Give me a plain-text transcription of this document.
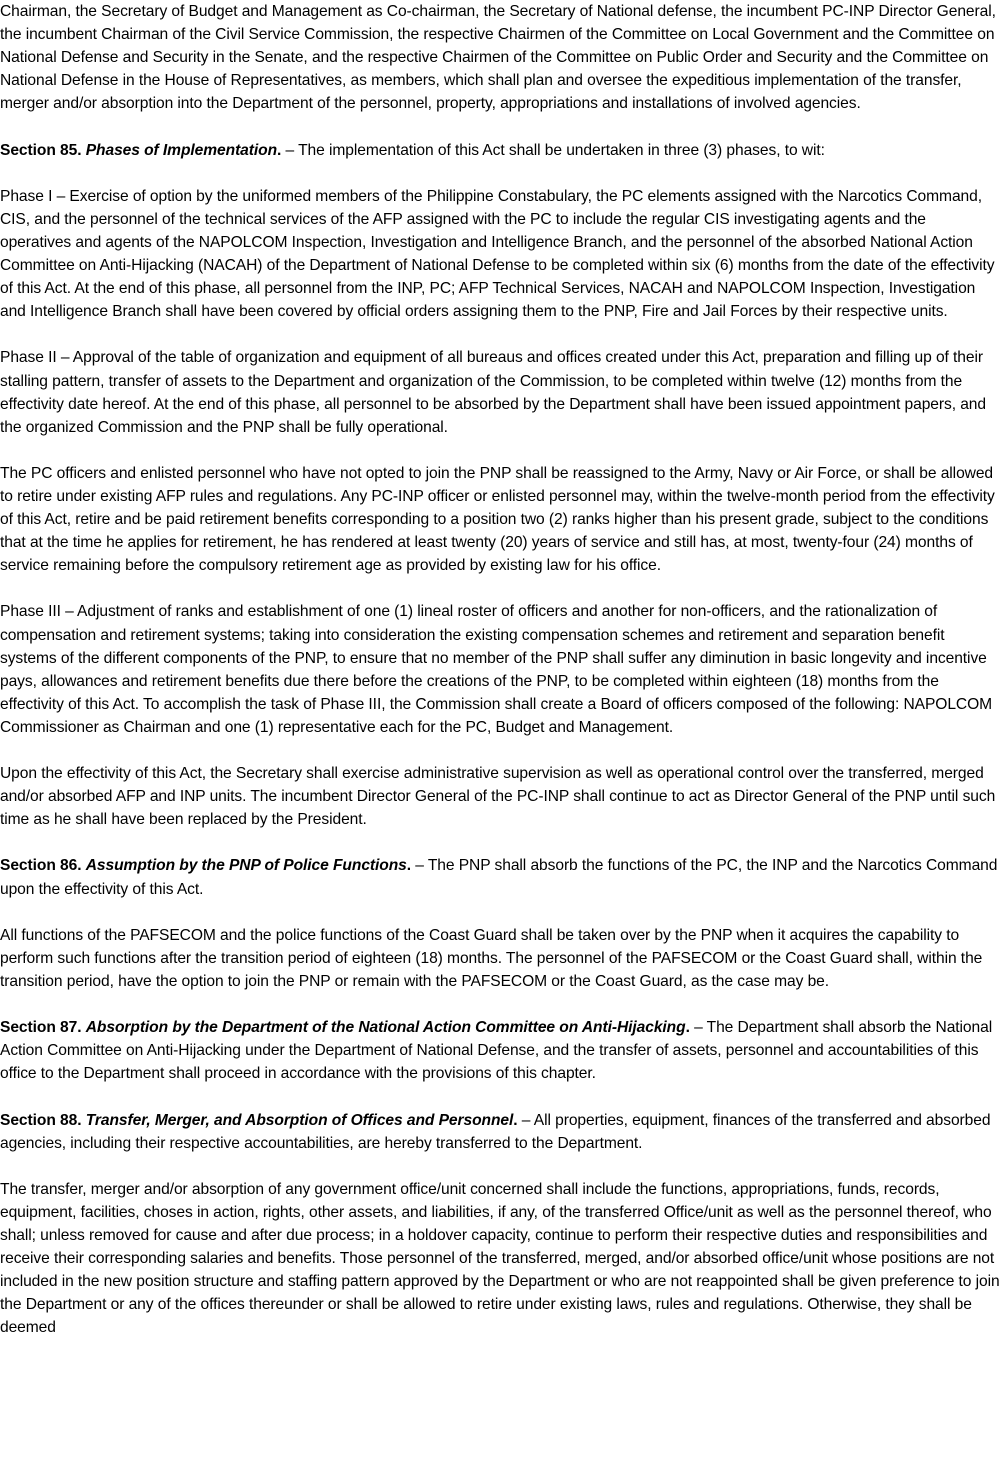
Chairman, the Secretary of Budget and Management as Co-chairman, the Secretary of National defense, the incumbent PC-INP Director General, the incumbent Chairman of the Civil Service Commission, the respective Chairmen of the Committee on Local Government and the Committee on National Defense and Security in the Senate, and the respective Chairmen of the Committee on Public Order and Security and the Committee on National Defense in the House of Representatives, as members, which shall plan and oversee the expeditious implementation of the transfer, merger and/or absorption into the Department of the personnel, property, appropriations and installations of involved agencies.

Section 85. Phases of Implementation. – The implementation of this Act shall be undertaken in three (3) phases, to wit:

Phase I – Exercise of option by the uniformed members of the Philippine Constabulary, the PC elements assigned with the Narcotics Command, CIS, and the personnel of the technical services of the AFP assigned with the PC to include the regular CIS investigating agents and the operatives and agents of the NAPOLCOM Inspection, Investigation and Intelligence Branch, and the personnel of the absorbed National Action Committee on Anti-Hijacking (NACAH) of the Department of National Defense to be completed within six (6) months from the date of the effectivity of this Act. At the end of this phase, all personnel from the INP, PC; AFP Technical Services, NACAH and NAPOLCOM Inspection, Investigation and Intelligence Branch shall have been covered by official orders assigning them to the PNP, Fire and Jail Forces by their respective units.

Phase II – Approval of the table of organization and equipment of all bureaus and offices created under this Act, preparation and filling up of their stalling pattern, transfer of assets to the Department and organization of the Commission, to be completed within twelve (12) months from the effectivity date hereof. At the end of this phase, all personnel to be absorbed by the Department shall have been issued appointment papers, and the organized Commission and the PNP shall be fully operational.

The PC officers and enlisted personnel who have not opted to join the PNP shall be reassigned to the Army, Navy or Air Force, or shall be allowed to retire under existing AFP rules and regulations. Any PC-INP officer or enlisted personnel may, within the twelve-month period from the effectivity of this Act, retire and be paid retirement benefits corresponding to a position two (2) ranks higher than his present grade, subject to the conditions that at the time he applies for retirement, he has rendered at least twenty (20) years of service and still has, at most, twenty-four (24) months of service remaining before the compulsory retirement age as provided by existing law for his office.

Phase III – Adjustment of ranks and establishment of one (1) lineal roster of officers and another for non-officers, and the rationalization of compensation and retirement systems; taking into consideration the existing compensation schemes and retirement and separation benefit systems of the different components of the PNP, to ensure that no member of the PNP shall suffer any diminution in basic longevity and incentive pays, allowances and retirement benefits due there before the creations of the PNP, to be completed within eighteen (18) months from the effectivity of this Act. To accomplish the task of Phase III, the Commission shall create a Board of officers composed of the following: NAPOLCOM Commissioner as Chairman and one (1) representative each for the PC, Budget and Management.

Upon the effectivity of this Act, the Secretary shall exercise administrative supervision as well as operational control over the transferred, merged and/or absorbed AFP and INP units. The incumbent Director General of the PC-INP shall continue to act as Director General of the PNP until such time as he shall have been replaced by the President.

Section 86. Assumption by the PNP of Police Functions. – The PNP shall absorb the functions of the PC, the INP and the Narcotics Command upon the effectivity of this Act.

All functions of the PAFSECOM and the police functions of the Coast Guard shall be taken over by the PNP when it acquires the capability to perform such functions after the transition period of eighteen (18) months. The personnel of the PAFSECOM or the Coast Guard shall, within the transition period, have the option to join the PNP or remain with the PAFSECOM or the Coast Guard, as the case may be.

Section 87. Absorption by the Department of the National Action Committee on Anti-Hijacking. – The Department shall absorb the National Action Committee on Anti-Hijacking under the Department of National Defense, and the transfer of assets, personnel and accountabilities of this office to the Department shall proceed in accordance with the provisions of this chapter.

Section 88. Transfer, Merger, and Absorption of Offices and Personnel. – All properties, equipment, finances of the transferred and absorbed agencies, including their respective accountabilities, are hereby transferred to the Department.

The transfer, merger and/or absorption of any government office/unit concerned shall include the functions, appropriations, funds, records, equipment, facilities, choses in action, rights, other assets, and liabilities, if any, of the transferred Office/unit as well as the personnel thereof, who shall; unless removed for cause and after due process; in a holdover capacity, continue to perform their respective duties and responsibilities and receive their corresponding salaries and benefits. Those personnel of the transferred, merged, and/or absorbed office/unit whose positions are not included in the new position structure and staffing pattern approved by the Department or who are not reappointed shall be given preference to join the Department or any of the offices thereunder or shall be allowed to retire under existing laws, rules and regulations. Otherwise, they shall be deemed
